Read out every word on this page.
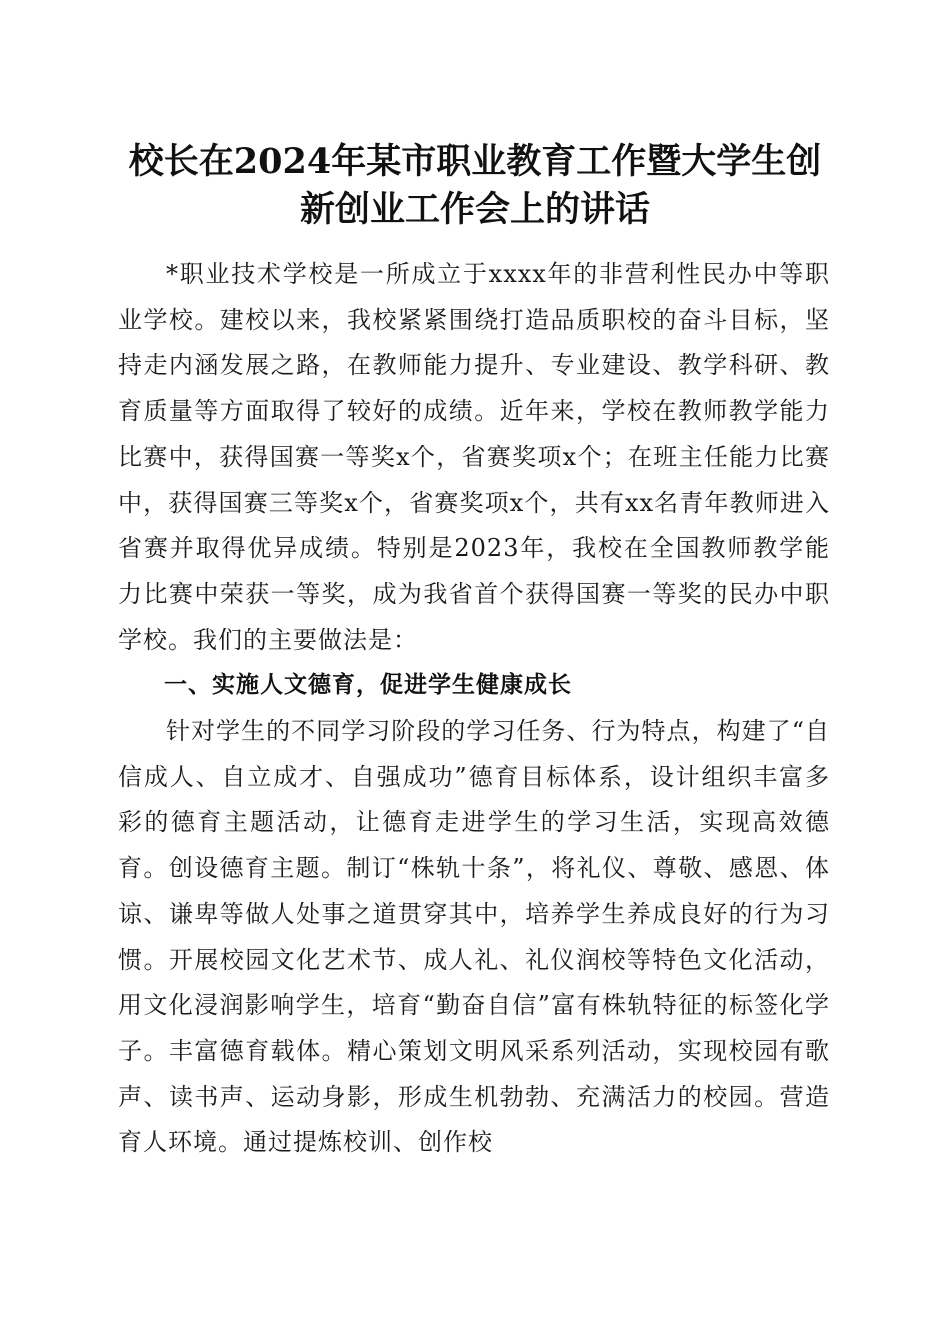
校长在2024年某市职业教育工作暨大学生创
新创业工作会上的讲话

*职业技术学校是一所成立于xxxx年的非营利性民办中等职业学校。建校以来，我校紧紧围绕打造品质职校的奋斗目标，坚持走内涵发展之路，在教师能力提升、专业建设、教学科研、教育质量等方面取得了较好的成绩。近年来，学校在教师教学能力比赛中，获得国赛一等奖x个，省赛奖项x个；在班主任能力比赛中，获得国赛三等奖x个，省赛奖项x个，共有xx名青年教师进入省赛并取得优异成绩。特别是2023年，我校在全国教师教学能力比赛中荣获一等奖，成为我省首个获得国赛一等奖的民办中职学校。我们的主要做法是：

一、实施人文德育，促进学生健康成长

针对学生的不同学习阶段的学习任务、行为特点，构建了“自信成人、自立成才、自强成功”德育目标体系，设计组织丰富多彩的德育主题活动，让德育走进学生的学习生活，实现高效德育。创设德育主题。制订“株轨十条”，将礼仪、尊敬、感恩、体谅、谦卑等做人处事之道贯穿其中，培养学生养成良好的行为习惯。开展校园文化艺术节、成人礼、礼仪润校等特色文化活动，用文化浸润影响学生，培育“勤奋自信”富有株轨特征的标签化学子。丰富德育载体。精心策划文明风采系列活动，实现校园有歌声、读书声、运动身影，形成生机勃勃、充满活力的校园。营造育人环境。通过提炼校训、创作校
